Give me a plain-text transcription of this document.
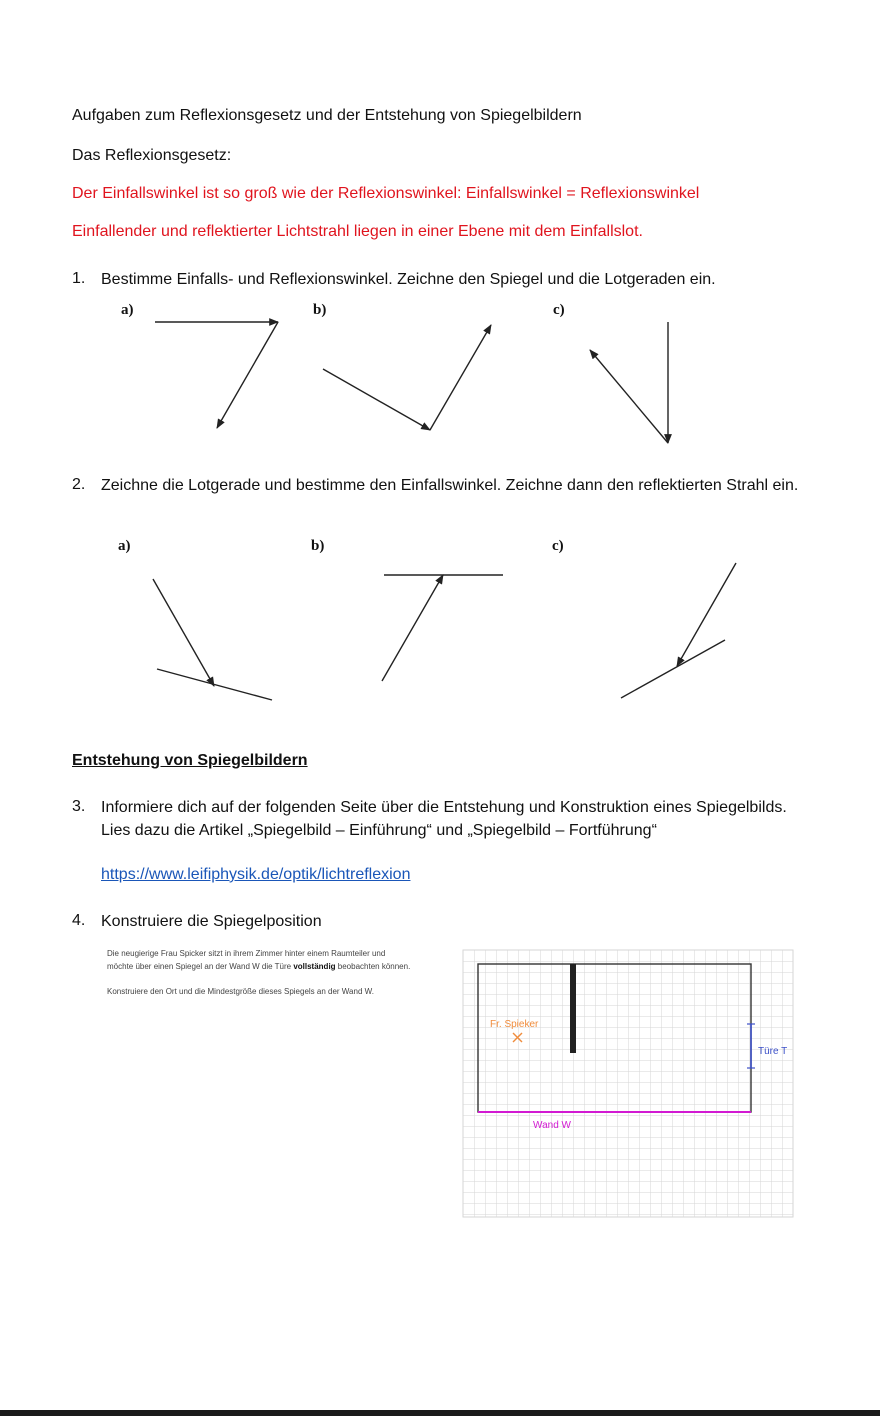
Aufgaben zum Reflexionsgesetz und der Entstehung von Spiegelbildern
Das Reflexionsgesetz:
Der Einfallswinkel ist so groß wie der Reflexionswinkel: Einfallswinkel = Reflexionswinkel
Einfallender und reflektierter Lichtstrahl liegen in einer Ebene mit dem Einfallslot.
1. Bestimme Einfalls- und Reflexionswinkel. Zeichne den Spiegel und die Lotgeraden ein.
a)	b)	c)
2. Zeichne die Lotgerade und bestimme den Einfallswinkel. Zeichne dann den reflektierten Strahl ein.
a)	b)	c)
Entstehung von Spiegelbildern
3. Informiere dich auf der folgenden Seite über die Entstehung und Konstruktion eines Spiegelbilds.
Lies dazu die Artikel „Spiegelbild – Einführung“ und „Spiegelbild – Fortführung“
https://www.leifiphysik.de/optik/lichtreflexion
4. Konstruiere die Spiegelposition
Die neugierige Frau Spicker sitzt in ihrem Zimmer hinter einem Raumteiler und
möchte über einen Spiegel an der Wand W die Türe vollständig beobachten können.
Konstruiere den Ort und die Mindestgröße dieses Spiegels an der Wand W.
Fr. Spieker
Türe T
Wand W
